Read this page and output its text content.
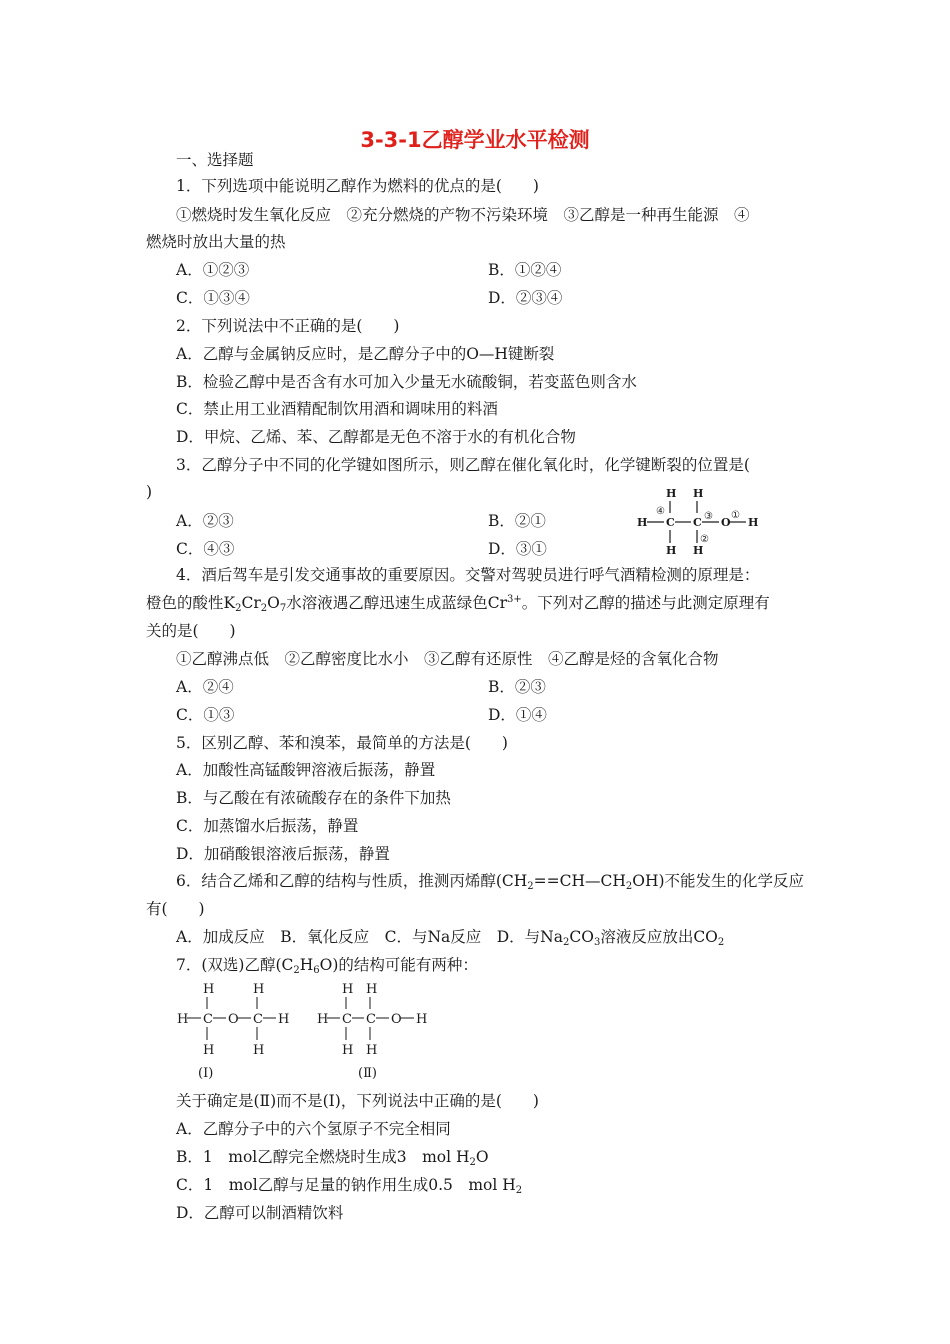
3-3-1乙醇学业水平检测
一、选择题
1．下列选项中能说明乙醇作为燃料的优点的是(　　)
①燃烧时发生氧化反应　②充分燃烧的产物不污染环境　③乙醇是一种再生能源　④
燃烧时放出大量的热
A．①②③	B．①②④
C．①③④	D．②③④
2．下列说法中不正确的是(　　)
A．乙醇与金属钠反应时，是乙醇分子中的O—H键断裂
B．检验乙醇中是否含有水可加入少量无水硫酸铜，若变蓝色则含水
C．禁止用工业酒精配制饮用酒和调味用的料酒
D．甲烷、乙烯、苯、乙醇都是无色不溶于水的有机化合物
3．乙醇分子中不同的化学键如图所示，则乙醇在催化氧化时，化学键断裂的位置是(
)
A．②③	B．②①
C．④③	D．③①
H H
H C C O H
H H
④	③ ①
②
4．酒后驾车是引发交通事故的重要原因。交警对驾驶员进行呼气酒精检测的原理是：
橙色的酸性$K_2Cr_2O_7$水溶液遇乙醇迅速生成蓝绿色$Cr^{3+}$。下列对乙醇的描述与此测定原理有
关的是(　　)
①乙醇沸点低　②乙醇密度比水小　③乙醇有还原性　④乙醇是烃的含氧化合物
A．②④	B．②③
C．①③	D．①④
5．区别乙醇、苯和溴苯，最简单的方法是(　　)
A．加酸性高锰酸钾溶液后振荡，静置
B．与乙酸在有浓硫酸存在的条件下加热
C．加蒸馏水后振荡，静置
D．加硝酸银溶液后振荡，静置
6．结合乙烯和乙醇的结构与性质，推测丙烯醇$(CH_2==CH—CH_2OH)$不能发生的化学反应
有(　　)
A．加成反应　B．氧化反应　C．与Na反应　D．与$Na_2CO_3$溶液反应放出$CO_2$
7．(双选)乙醇$(C_2H_6O)$的结构可能有两种：
H	H
H C O C H
H	H
H H
H C C O H
H H
(Ⅰ)	(Ⅱ)
关于确定是(Ⅱ)而不是(Ⅰ)，下列说法中正确的是(　　)
A．乙醇分子中的六个氢原子不完全相同
B．1　mol乙醇完全燃烧时生成3　mol $H_2O$
C．1　mol乙醇与足量的钠作用生成0.5　mol $H_2$
D．乙醇可以制酒精饮料
